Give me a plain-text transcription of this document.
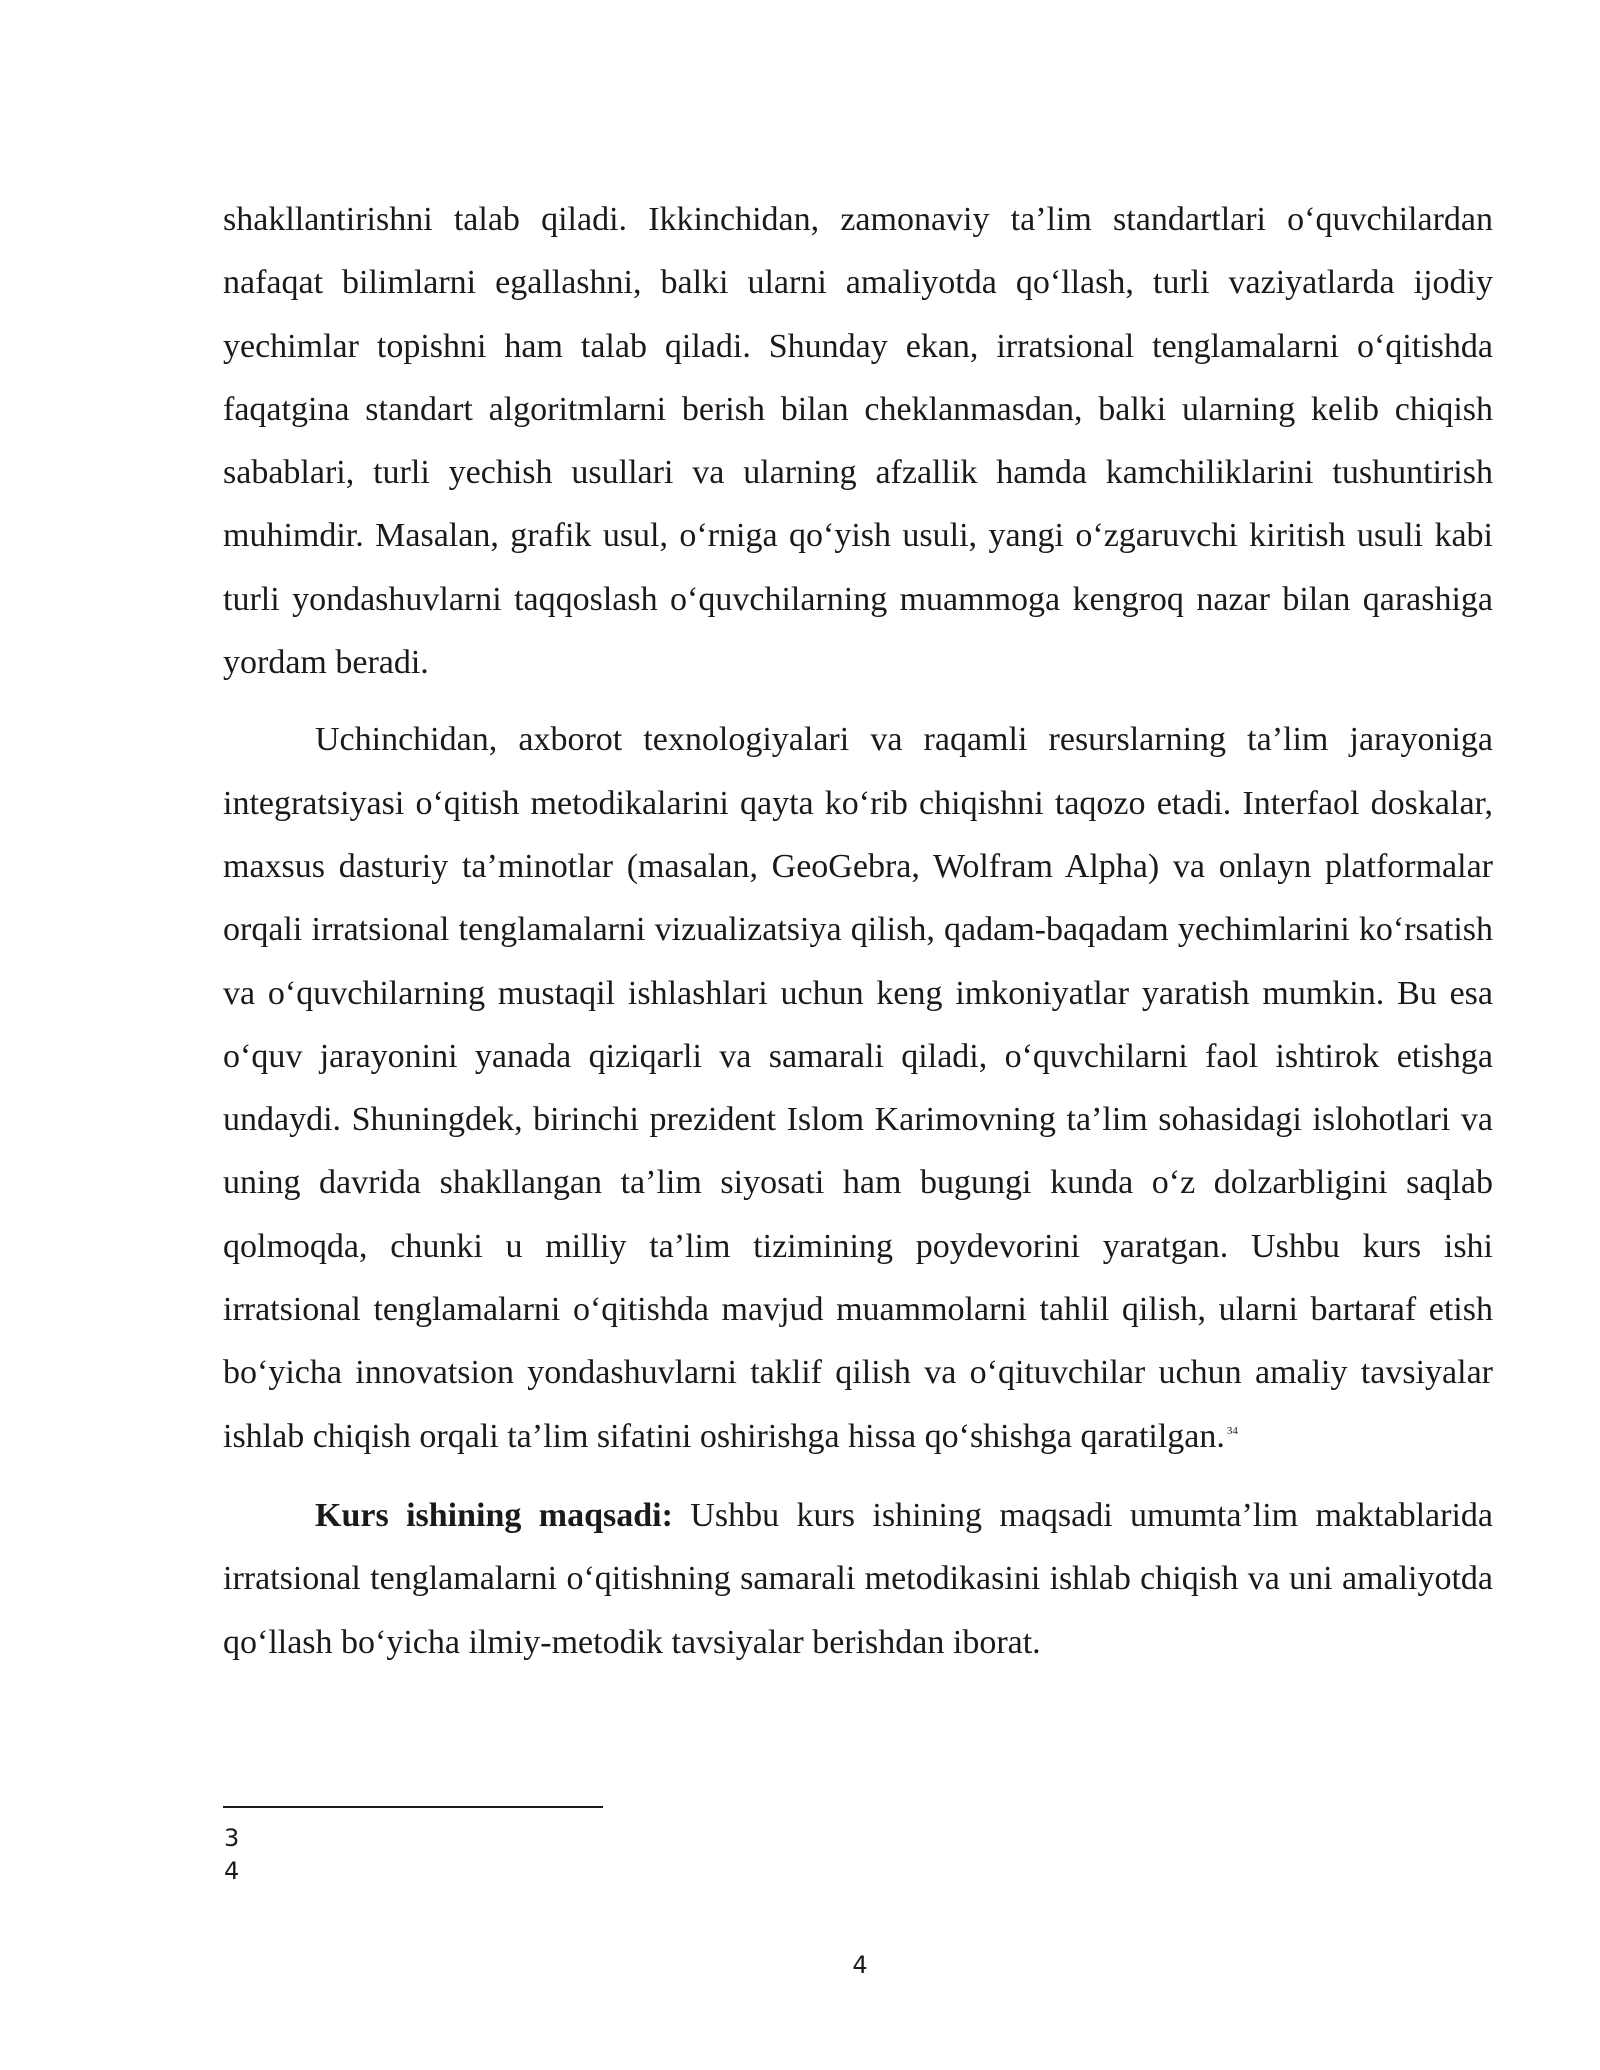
shakllantirishni talab qiladi. Ikkinchidan, zamonaviy ta’lim standartlari o‘quvchilardan nafaqat bilimlarni egallashni, balki ularni amaliyotda qo‘llash, turli vaziyatlarda ijodiy yechimlar topishni ham talab qiladi. Shunday ekan, irratsional tenglamalarni o‘qitishda faqatgina standart algoritmlarni berish bilan cheklanmasdan, balki ularning kelib chiqish sabablari, turli yechish usullari va ularning afzallik hamda kamchiliklarini tushuntirish muhimdir. Masalan, grafik usul, o‘rniga qo‘yish usuli, yangi o‘zgaruvchi kiritish usuli kabi turli yondashuvlarni taqqoslash o‘quvchilarning muammoga kengroq nazar bilan qarashiga yordam beradi.

Uchinchidan, axborot texnologiyalari va raqamli resurslarning ta’lim jarayoniga integratsiyasi o‘qitish metodikalarini qayta ko‘rib chiqishni taqozo etadi. Interfaol doskalar, maxsus dasturiy ta’minotlar (masalan, GeoGebra, Wolfram Alpha) va onlayn platformalar orqali irratsional tenglamalarni vizualizatsiya qilish, qadam-baqadam yechimlarini ko‘rsatish va o‘quvchilarning mustaqil ishlashlari uchun keng imkoniyatlar yaratish mumkin. Bu esa o‘quv jarayonini yanada qiziqarli va samarali qiladi, o‘quvchilarni faol ishtirok etishga undaydi. Shuningdek, birinchi prezident Islom Karimovning ta’lim sohasidagi islohotlari va uning davrida shakllangan ta’lim siyosati ham bugungi kunda o‘z dolzarbligini saqlab qolmoqda, chunki u milliy ta’lim tizimining poydevorini yaratgan. Ushbu kurs ishi irratsional tenglamalarni o‘qitishda mavjud muammolarni tahlil qilish, ularni bartaraf etish bo‘yicha innovatsion yondashuvlarni taklif qilish va o‘qituvchilar uchun amaliy tavsiyalar ishlab chiqish orqali ta’lim sifatini oshirishga hissa qo‘shishga qaratilgan. $^{34}$

Kurs ishining maqsadi: Ushbu kurs ishining maqsadi umumta’lim maktablarida irratsional tenglamalarni o‘qitishning samarali metodikasini ishlab chiqish va uni amaliyotda qo‘llash bo‘yicha ilmiy-metodik tavsiyalar berishdan iborat.

3
4
4
